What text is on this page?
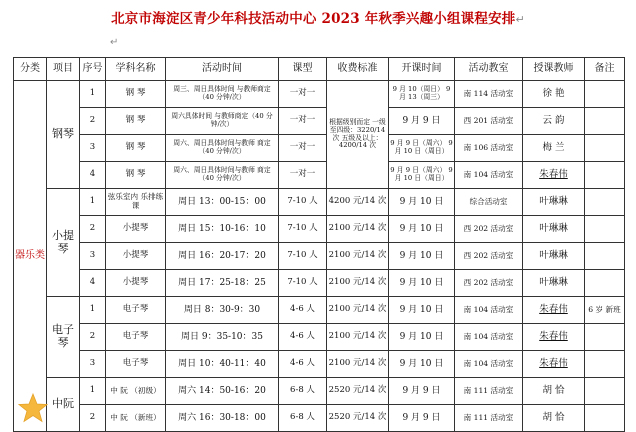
北京市海淀区青少年科技活动中心 2023 年秋季兴趣小组课程安排↵
↵
分类	项目	序号	学科名称	活动时间	课型	收费标准	开课时间	活动教室	授课教师	备注
器乐类	钢琴	1	钢 琴	周三、周日具体时间 与教师商定（40 分钟/次）	一对一	根据级别而定 一级至四级：3220/14 次 五级及以上：4200/14 次	9 月 10（周日） 9 月 13（周三）	南 114 活动室	徐 艳	
		2	钢 琴	周六具体时间 与教师商定（40 分钟/次）	一对一		9 月 9 日	西 201 活动室	云 韵	
		3	钢 琴	周六、周日具体时间与教师 商定（40 分钟/次）	一对一		9 月 9 日（周六） 9 月 10 日（周日）	南 106 活动室	梅 兰	
		4	钢 琴	周六、周日具体时间与教师 商定（40 分钟/次）	一对一		9 月 9 日（周六） 9 月 10 日（周日）	南 104 活动室	朱春伟	
	小提琴	1	弦乐室内 乐排练课	周日 13：00-15：00	7-10 人	4200 元/14 次	9 月 10 日	综合活动室	叶琳琳	
		2	小提琴	周日 15：10-16：10	7-10 人	2100 元/14 次	9 月 10 日	西 202 活动室	叶琳琳	
		3	小提琴	周日 16：20-17：20	7-10 人	2100 元/14 次	9 月 10 日	西 202 活动室	叶琳琳	
		4	小提琴	周日 17：25-18：25	7-10 人	2100 元/14 次	9 月 10 日	西 202 活动室	叶琳琳	
	电子琴	1	电子琴	周日 8：30-9：30	4-6 人	2100 元/14 次	9 月 10 日	南 104 活动室	朱春伟	6 岁 新班
		2	电子琴	周日 9：35-10：35	4-6 人	2100 元/14 次	9 月 10 日	南 104 活动室	朱春伟	
		3	电子琴	周日 10：40-11：40	4-6 人	2100 元/14 次	9 月 10 日	南 104 活动室	朱春伟	
	中阮	1	中 阮 （初级）	周六 14：50-16：20	6-8 人	2520 元/14 次	9 月 9 日	南 111 活动室	胡 恰	
		2	中 阮 （新班）	周六 16：30-18：00	6-8 人	2520 元/14 次	9 月 9 日	南 111 活动室	胡 恰	
